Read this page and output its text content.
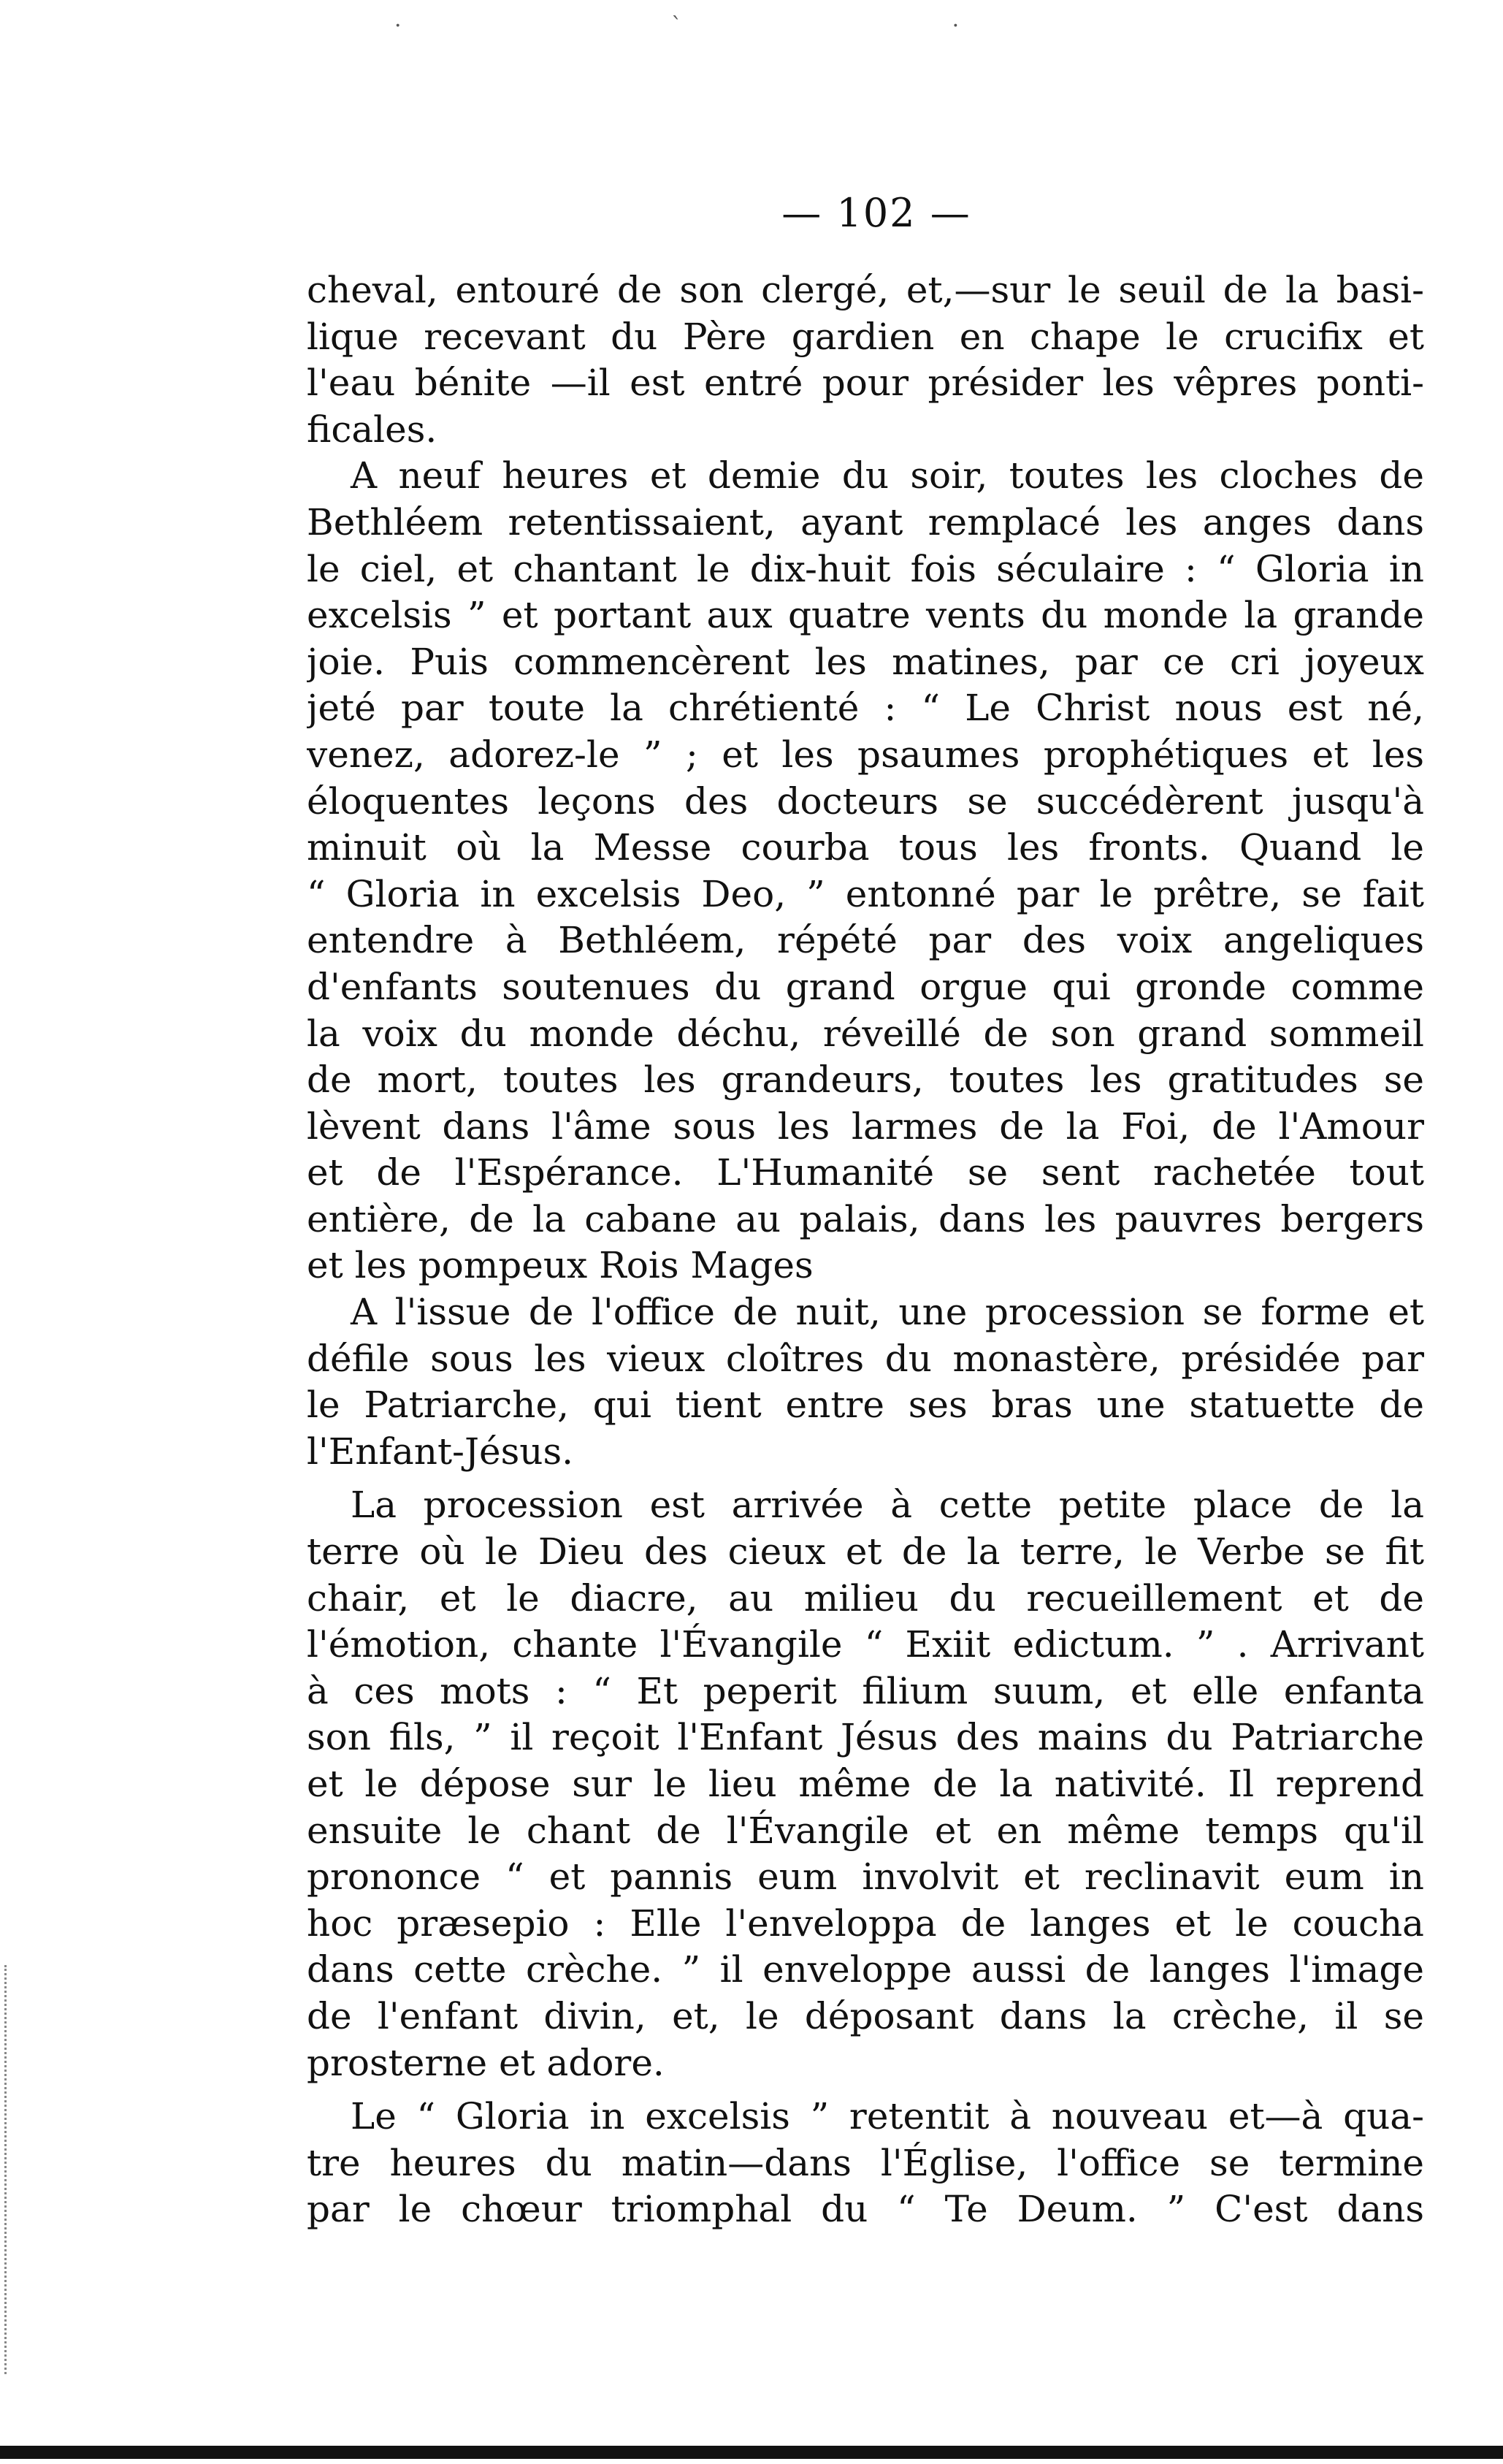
· ` ·
— 102 —
cheval, entouré de son clergé, et,—sur le seuil de la basi-
lique recevant du Père gardien en chape le crucifix et
l'eau bénite —il est entré pour présider les vêpres ponti-
ficales.
A neuf heures et demie du soir, toutes les cloches de
Bethléem retentissaient, ayant remplacé les anges dans
le ciel, et chantant le dix-huit fois séculaire : “ Gloria in
excelsis ” et portant aux quatre vents du monde la grande
joie. Puis commencèrent les matines, par ce cri joyeux
jeté par toute la chrétienté : “ Le Christ nous est né,
venez, adorez-le ” ; et les psaumes prophétiques et les
éloquentes leçons des docteurs se succédèrent jusqu'à
minuit où la Messe courba tous les fronts. Quand le
“ Gloria in excelsis Deo, ” entonné par le prêtre, se fait
entendre à Bethléem, répété par des voix angeliques
d'enfants soutenues du grand orgue qui gronde comme
la voix du monde déchu, réveillé de son grand sommeil
de mort, toutes les grandeurs, toutes les gratitudes se
lèvent dans l'âme sous les larmes de la Foi, de l'Amour
et de l'Espérance. L'Humanité se sent rachetée tout
entière, de la cabane au palais, dans les pauvres bergers
et les pompeux Rois Mages
A l'issue de l'office de nuit, une procession se forme et
défile sous les vieux cloîtres du monastère, présidée par
le Patriarche, qui tient entre ses bras une statuette de
l'Enfant-Jésus.
La procession est arrivée à cette petite place de la
terre où le Dieu des cieux et de la terre, le Verbe se fit
chair, et le diacre, au milieu du recueillement et de
l'émotion, chante l'Évangile “ Exiit edictum. ” . Arrivant
à ces mots : “ Et peperit filium suum, et elle enfanta
son fils, ” il reçoit l'Enfant Jésus des mains du Patriarche
et le dépose sur le lieu même de la nativité. Il reprend
ensuite le chant de l'Évangile et en même temps qu'il
prononce “ et pannis eum involvit et reclinavit eum in
hoc præsepio : Elle l'enveloppa de langes et le coucha
dans cette crèche. ” il enveloppe aussi de langes l'image
de l'enfant divin, et, le déposant dans la crèche, il se
prosterne et adore.
Le “ Gloria in excelsis ” retentit à nouveau et—à qua-
tre heures du matin—dans l'Église, l'office se termine
par le chœur triomphal du “ Te Deum. ” C'est dans
